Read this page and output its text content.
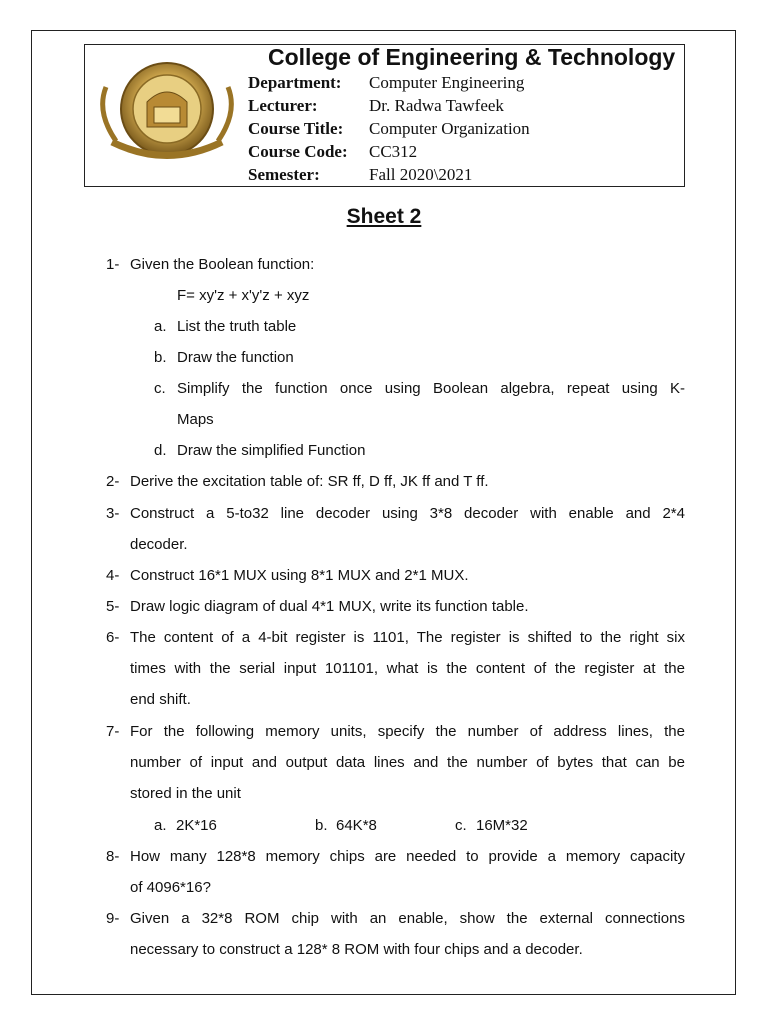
College of Engineering & Technology
Department: Computer Engineering
Lecturer:	Dr. Radwa Tawfeek
Course Title: Computer Organization
Course Code: CC312
Semester:	Fall 2020\2021
Sheet 2
1- Given the Boolean function:
F= xy'z + x'y'z + xyz
a. List the truth table
b. Draw the function
c. Simplify the function once using Boolean algebra, repeat using K-
Maps
d. Draw the simplified Function
2- Derive the excitation table of: SR ff, D ff, JK ff and T ff.
3- Construct a 5-to32 line decoder using 3*8 decoder with enable and 2*4
decoder.
4- Construct 16*1 MUX using 8*1 MUX and 2*1 MUX.
5- Draw logic diagram of dual 4*1 MUX, write its function table.
6- The content of a 4-bit register is 1101, The register is shifted to the right six
times with the serial input 101101, what is the content of the register at the
end shift.
7- For the following memory units, specify the number of address lines, the
number of input and output data lines and the number of bytes that can be
stored in the unit
a. 2K*16	b. 64K*8	c. 16M*32
8- How many 128*8 memory chips are needed to provide a memory capacity
of 4096*16?
9- Given a 32*8 ROM chip with an enable, show the external connections
necessary to construct a 128* 8 ROM with four chips and a decoder.
